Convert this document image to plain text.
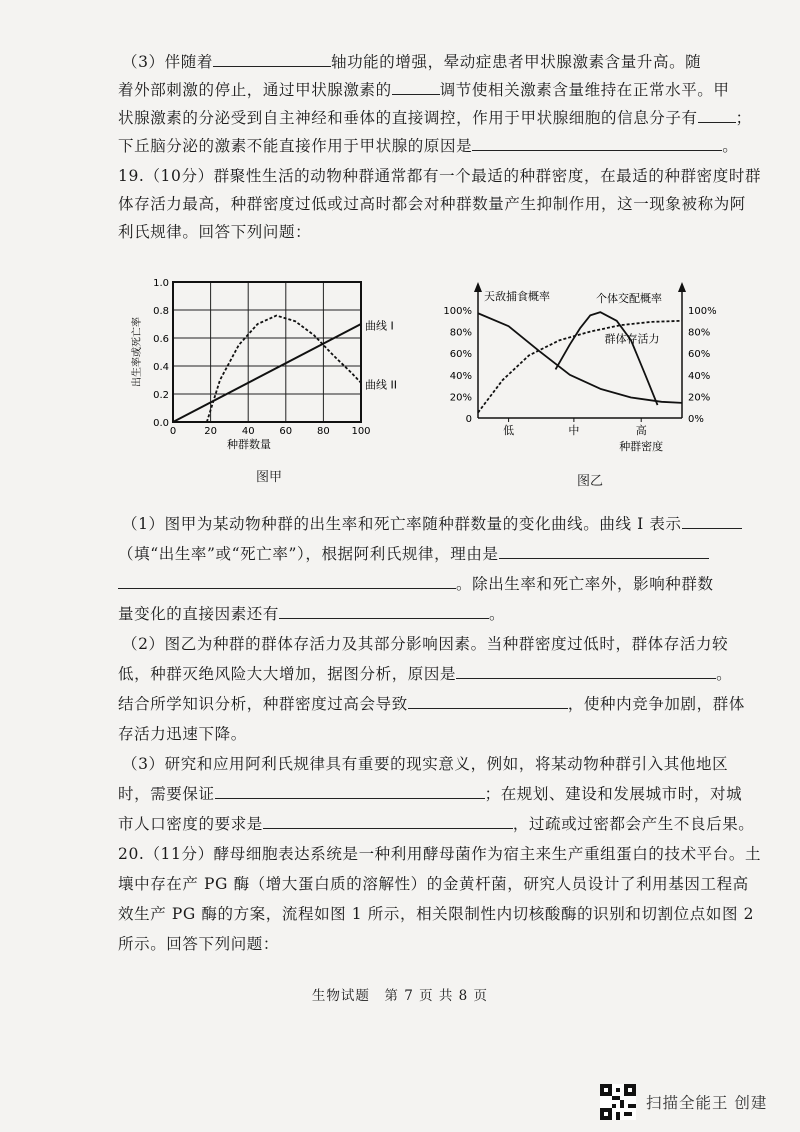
（3）伴随着	轴功能的增强，晕动症患者甲状腺激素含量升高。随
着外部刺激的停止，通过甲状腺激素的	调节使相关激素含量维持在正常水平。甲
状腺激素的分泌受到自主神经和垂体的直接调控，作用于甲状腺细胞的信息分子有 ；
下丘脑分泌的激素不能直接作用于甲状腺的原因是	。
19.（10分）群聚性生活的动物种群通常都有一个最适的种群密度，在最适的种群密度时群
体存活力最高，种群密度过低或过高时都会对种群数量产生抑制作用，这一现象被称为阿
利氏规律。回答下列问题：
0	20 40 60 80 100
0.0
0.2
0.4
0.6
0.8
1.0
种群数量
出生率或死亡率	曲线 I
曲线 II
图甲
0
20%
40%
60%
80%
100%
0%
20%
40%
60%
80%
100%
低	中	高
种群密度
天敌捕食概率	个体交配概率
群体存活力
图乙
（1）图甲为某动物种群的出生率和死亡率随种群数量的变化曲线。曲线 I 表示
（填“出生率”或“死亡率”），根据阿利氏规律，理由是
。除出生率和死亡率外，影响种群数
量变化的直接因素还有	。
（2）图乙为种群的群体存活力及其部分影响因素。当种群密度过低时，群体存活力较
低，种群灭绝风险大大增加，据图分析，原因是	。
结合所学知识分析，种群密度过高会导致	，使种内竞争加剧，群体
存活力迅速下降。
（3）研究和应用阿利氏规律具有重要的现实意义，例如，将某动物种群引入其他地区
时，需要保证	；在规划、建设和发展城市时，对城
市人口密度的要求是	，过疏或过密都会产生不良后果。
20.（11分）酵母细胞表达系统是一种利用酵母菌作为宿主来生产重组蛋白的技术平台。土
壤中存在产 PG 酶（增大蛋白质的溶解性）的金黄杆菌，研究人员设计了利用基因工程高
效生产 PG 酶的方案，流程如图 1 所示，相关限制性内切核酸酶的识别和切割位点如图 2
所示。回答下列问题：
生物试题　第 7 页 共 8 页
扫描全能王 创建
